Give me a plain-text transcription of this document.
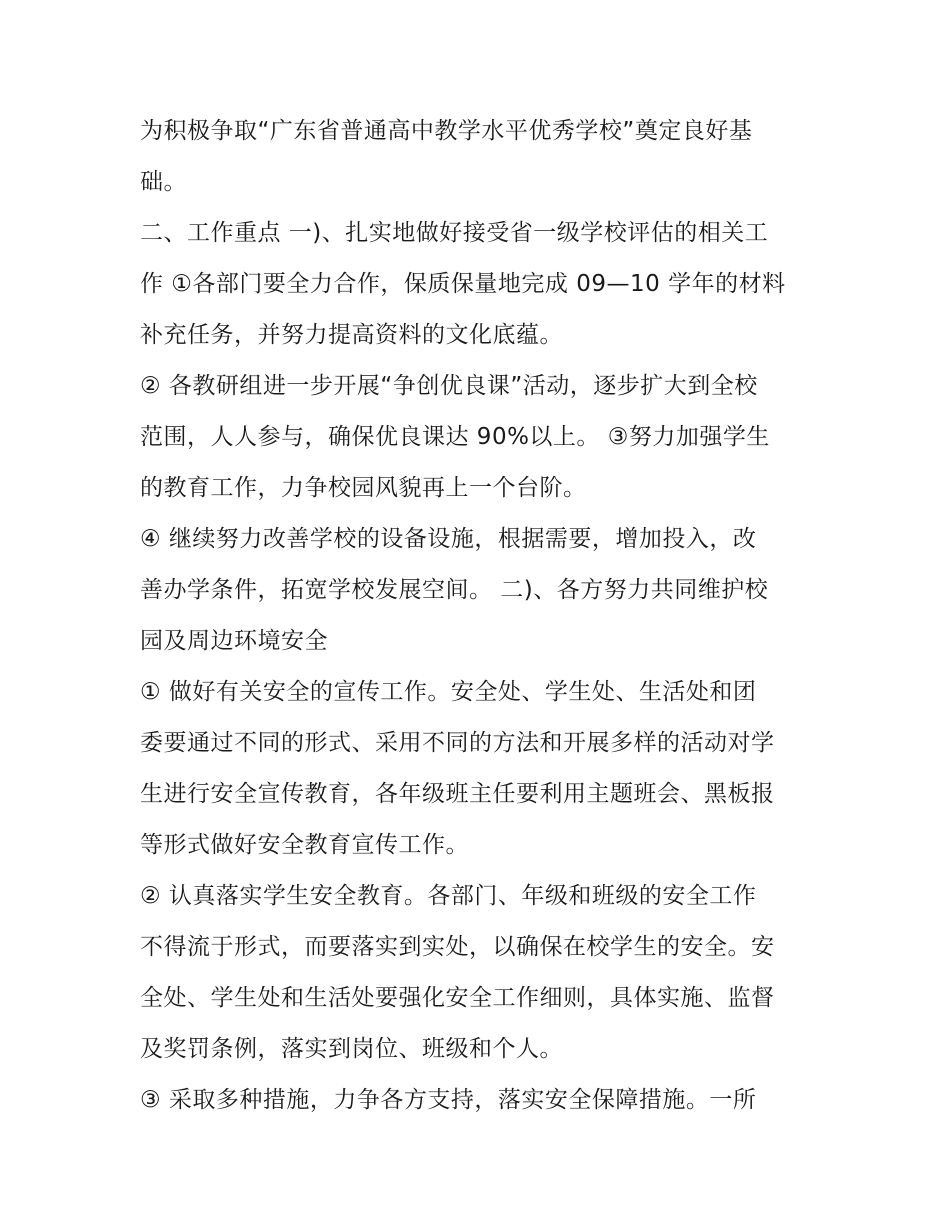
为积极争取“广东省普通高中教学水平优秀学校”奠定良好基
础。
二、工作重点 一)、扎实地做好接受省一级学校评估的相关工
作 ①各部门要全力合作，保质保量地完成 09—10 学年的材料
补充任务，并努力提高资料的文化底蕴。
② 各教研组进一步开展“争创优良课”活动，逐步扩大到全校
范围，人人参与，确保优良课达 90%以上。 ③努力加强学生
的教育工作，力争校园风貌再上一个台阶。
④ 继续努力改善学校的设备设施，根据需要，增加投入，改
善办学条件，拓宽学校发展空间。 二)、各方努力共同维护校
园及周边环境安全
① 做好有关安全的宣传工作。安全处、学生处、生活处和团
委要通过不同的形式、采用不同的方法和开展多样的活动对学
生进行安全宣传教育，各年级班主任要利用主题班会、黑板报
等形式做好安全教育宣传工作。
② 认真落实学生安全教育。各部门、年级和班级的安全工作
不得流于形式，而要落实到实处，以确保在校学生的安全。安
全处、学生处和生活处要强化安全工作细则，具体实施、监督
及奖罚条例，落实到岗位、班级和个人。
③ 采取多种措施，力争各方支持，落实安全保障措施。一所
